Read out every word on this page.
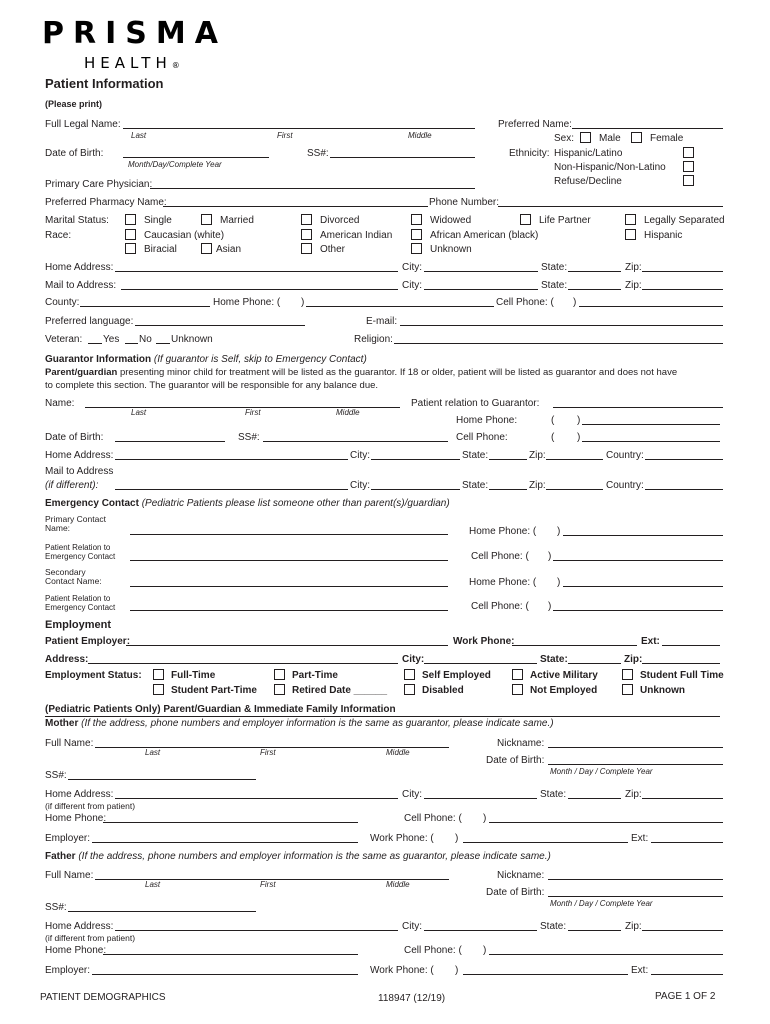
PRISMA
HEALTH®
Patient Information
(Please print)
Full Legal Name:
Last	First	Middle
Preferred Name:
Sex: Male	Female
Date of Birth:
Month/Day/Complete Year
SS#:	Ethnicity: Hispanic/Latino
Non-Hispanic/Non-Latino
Refuse/Decline
Primary Care Physician:
Preferred Pharmacy Name:	Phone Number:
Marital Status:	Single	Married	Divorced	Widowed	Life Partner	Legally Separated
Race:	Caucasian (white)	American Indian	African American (black)	Hispanic
Biracial	Asian	Other	Unknown
Home Address:	City:	State:	Zip:
Mail to Address:	City:	State:	Zip:
County:	Home Phone: ( )	Cell Phone: ( )
Preferred language:	E-mail:
Veteran: Yes No Unknown	Religion:
Guarantor Information (If guarantor is Self, skip to Emergency Contact)
Parent/guardian presenting minor child for treatment will be listed as the guarantor. If 18 or older, patient will be listed as guarantor and does not have
to complete this section. The guarantor will be responsible for any balance due.
Name:
Last	First	Middle
Patient relation to Guarantor:
Home Phone:	( )
Date of Birth:	SS#:	Cell Phone:	( )
Home Address:	City:	State:	Zip:	Country:
Mail to Address
(if different):	City:	State:	Zip:	Country:
Emergency Contact (Pediatric Patients please list someone other than parent(s)/guardian)
Primary Contact
Name:	Home Phone: ( )
Patient Relation to
Emergency Contact	Cell Phone: ( )
Secondary
Contact Name:	Home Phone: ( )
Patient Relation to
Emergency Contact	Cell Phone: ( )
Employment
Patient Employer:	Work Phone:	Ext:
Address:	City:	State:	Zip:
Employment Status:	Full-Time	Part-Time	Self Employed	Active Military	Student Full Time
Student Part-Time	Retired Date ______	Disabled	Not Employed	Unknown
(Pediatric Patients Only) Parent/Guardian & Immediate Family Information
Mother (If the address, phone numbers and employer information is the same as guarantor, please indicate same.)
Full Name:
Last	First	Middle
Nickname:
Date of Birth:
Month / Day / Complete Year
SS#:
Home Address:	City:	State:	Zip:
(if different from patient)
Home Phone:	Cell Phone: ( )
Employer:	Work Phone: ( )	Ext:
Father (If the address, phone numbers and employer information is the same as guarantor, please indicate same.)
Full Name:
Last	First	Middle
Nickname:
Date of Birth:
Month / Day / Complete Year
SS#:
Home Address:	City:	State:	Zip:
(if different from patient)
Home Phone:	Cell Phone: ( )
Employer:	Work Phone: ( )	Ext:
PATIENT DEMOGRAPHICS	118947 (12/19)	PAGE 1 OF 2
